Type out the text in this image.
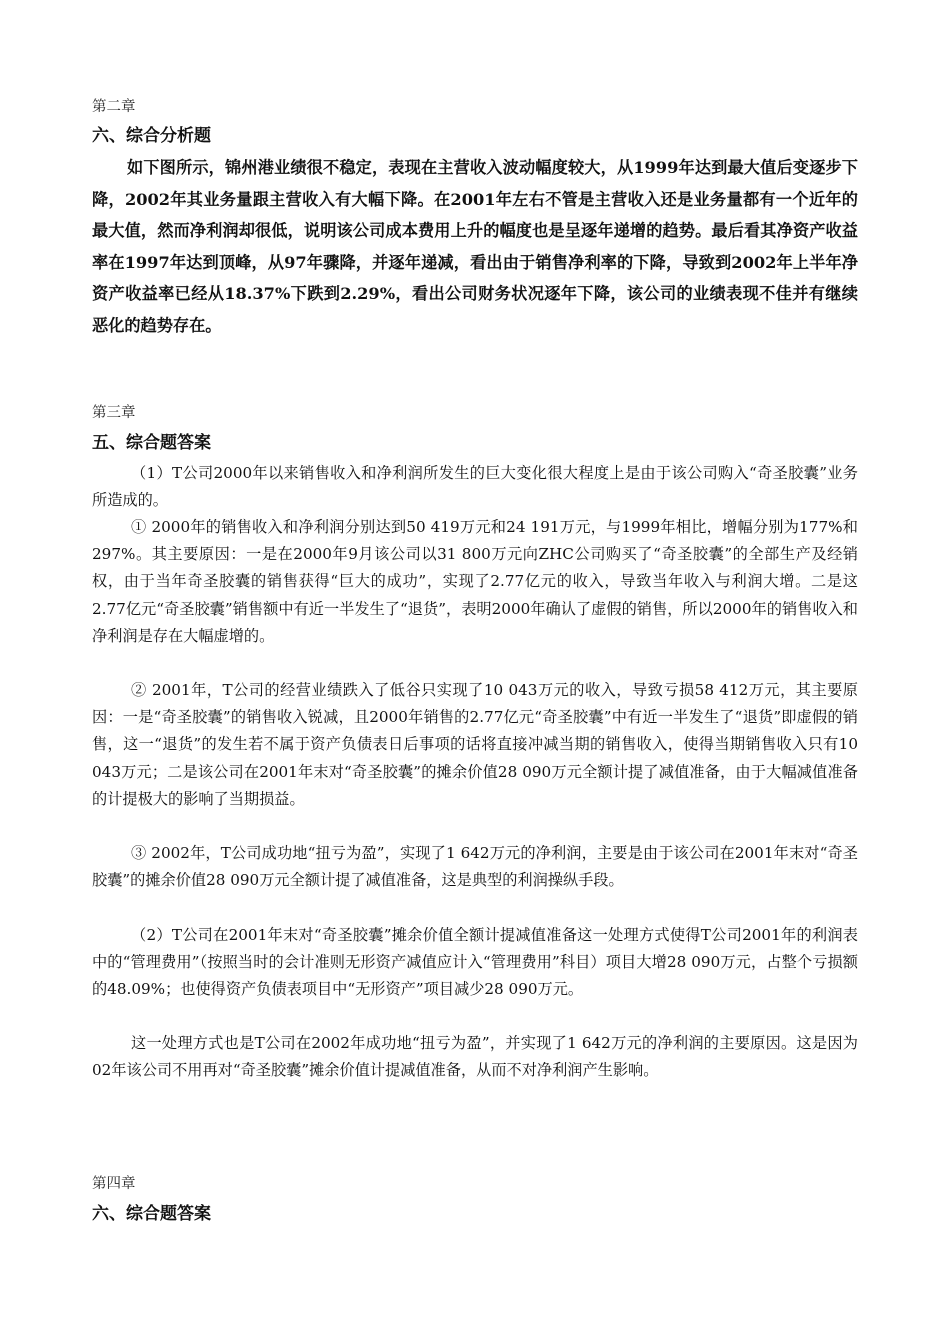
第二章
六、综合分析题

如下图所示，锦州港业绩很不稳定，表现在主营收入波动幅度较大，从1999年达到最大值后变逐步下降，2002年其业务量跟主营收入有大幅下降。在2001年左右不管是主营收入还是业务量都有一个近年的最大值，然而净利润却很低，说明该公司成本费用上升的幅度也是呈逐年递增的趋势。最后看其净资产收益率在1997年达到顶峰，从97年骤降，并逐年递减，看出由于销售净利率的下降，导致到2002年上半年净资产收益率已经从18.37%下跌到2.29%，看出公司财务状况逐年下降，该公司的业绩表现不佳并有继续恶化的趋势存在。

第三章
五、综合题答案

（1）T公司2000年以来销售收入和净利润所发生的巨大变化很大程度上是由于该公司购入“奇圣胶囊”业务所造成的。

① 2000年的销售收入和净利润分别达到50 419万元和24 191万元，与1999年相比，增幅分别为177%和297%。其主要原因：一是在2000年9月该公司以31 800万元向ZHC公司购买了“奇圣胶囊”的全部生产及经销权，由于当年奇圣胶囊的销售获得“巨大的成功”，实现了2.77亿元的收入，导致当年收入与利润大增。二是这2.77亿元“奇圣胶囊”销售额中有近一半发生了“退货”，表明2000年确认了虚假的销售，所以2000年的销售收入和净利润是存在大幅虚增的。

② 2001年，T公司的经营业绩跌入了低谷只实现了10 043万元的收入，导致亏损58 412万元，其主要原因：一是“奇圣胶囊”的销售收入锐减，且2000年销售的2.77亿元“奇圣胶囊”中有近一半发生了“退货”即虚假的销售，这一“退货”的发生若不属于资产负债表日后事项的话将直接冲减当期的销售收入，使得当期销售收入只有10 043万元；二是该公司在2001年末对“奇圣胶囊”的摊余价值28 090万元全额计提了减值准备，由于大幅减值准备的计提极大的影响了当期损益。

③ 2002年，T公司成功地“扭亏为盈”，实现了1 642万元的净利润，主要是由于该公司在2001年末对“奇圣胶囊”的摊余价值28 090万元全额计提了减值准备，这是典型的利润操纵手段。

（2）T公司在2001年末对“奇圣胶囊”摊余价值全额计提减值准备这一处理方式使得T公司2001年的利润表中的“管理费用”（按照当时的会计准则无形资产减值应计入“管理费用”科目）项目大增28 090万元，占整个亏损额的48.09%；也使得资产负债表项目中“无形资产”项目减少28 090万元。

这一处理方式也是T公司在2002年成功地“扭亏为盈”，并实现了1 642万元的净利润的主要原因。这是因为02年该公司不用再对“奇圣胶囊”摊余价值计提减值准备，从而不对净利润产生影响。

第四章
六、综合题答案
